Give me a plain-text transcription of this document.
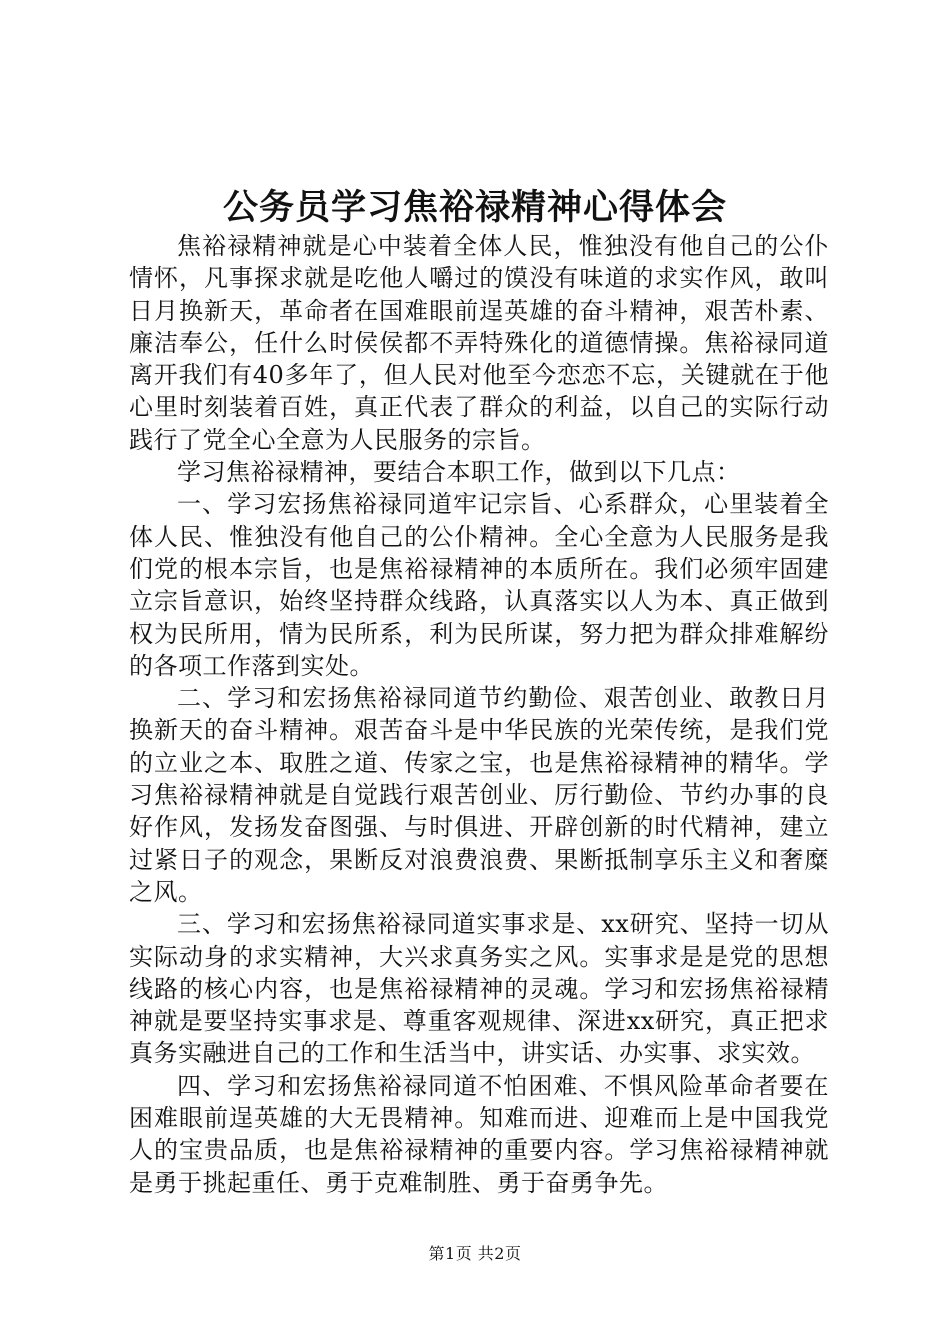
公务员学习焦裕禄精神心得体会

焦裕禄精神就是心中装着全体人民，惟独没有他自己的公仆情怀，凡事探求就是吃他人嚼过的馍没有味道的求实作风，敢叫日月换新天，革命者在国难眼前逞英雄的奋斗精神，艰苦朴素、廉洁奉公，任什么时侯侯都不弄特殊化的道德情操。焦裕禄同道离开我们有40多年了，但人民对他至今恋恋不忘，关键就在于他心里时刻装着百姓，真正代表了群众的利益，以自己的实际行动践行了党全心全意为人民服务的宗旨。

学习焦裕禄精神，要结合本职工作，做到以下几点：

一、学习宏扬焦裕禄同道牢记宗旨、心系群众，心里装着全体人民、惟独没有他自己的公仆精神。全心全意为人民服务是我们党的根本宗旨，也是焦裕禄精神的本质所在。我们必须牢固建立宗旨意识，始终坚持群众线路，认真落实以人为本、真正做到权为民所用，情为民所系，利为民所谋，努力把为群众排难解纷的各项工作落到实处。

二、学习和宏扬焦裕禄同道节约勤俭、艰苦创业、敢教日月换新天的奋斗精神。艰苦奋斗是中华民族的光荣传统，是我们党的立业之本、取胜之道、传家之宝，也是焦裕禄精神的精华。学习焦裕禄精神就是自觉践行艰苦创业、厉行勤俭、节约办事的良好作风，发扬发奋图强、与时俱进、开辟创新的时代精神，建立过紧日子的观念，果断反对浪费浪费、果断抵制享乐主义和奢糜之风。

三、学习和宏扬焦裕禄同道实事求是、xx研究、坚持一切从实际动身的求实精神，大兴求真务实之风。实事求是是党的思想线路的核心内容，也是焦裕禄精神的灵魂。学习和宏扬焦裕禄精神就是要坚持实事求是、尊重客观规律、深进xx研究，真正把求真务实融进自己的工作和生活当中，讲实话、办实事、求实效。

四、学习和宏扬焦裕禄同道不怕困难、不惧风险革命者要在困难眼前逞英雄的大无畏精神。知难而进、迎难而上是中国我党人的宝贵品质，也是焦裕禄精神的重要内容。学习焦裕禄精神就是勇于挑起重任、勇于克难制胜、勇于奋勇争先。

第1页 共2页
